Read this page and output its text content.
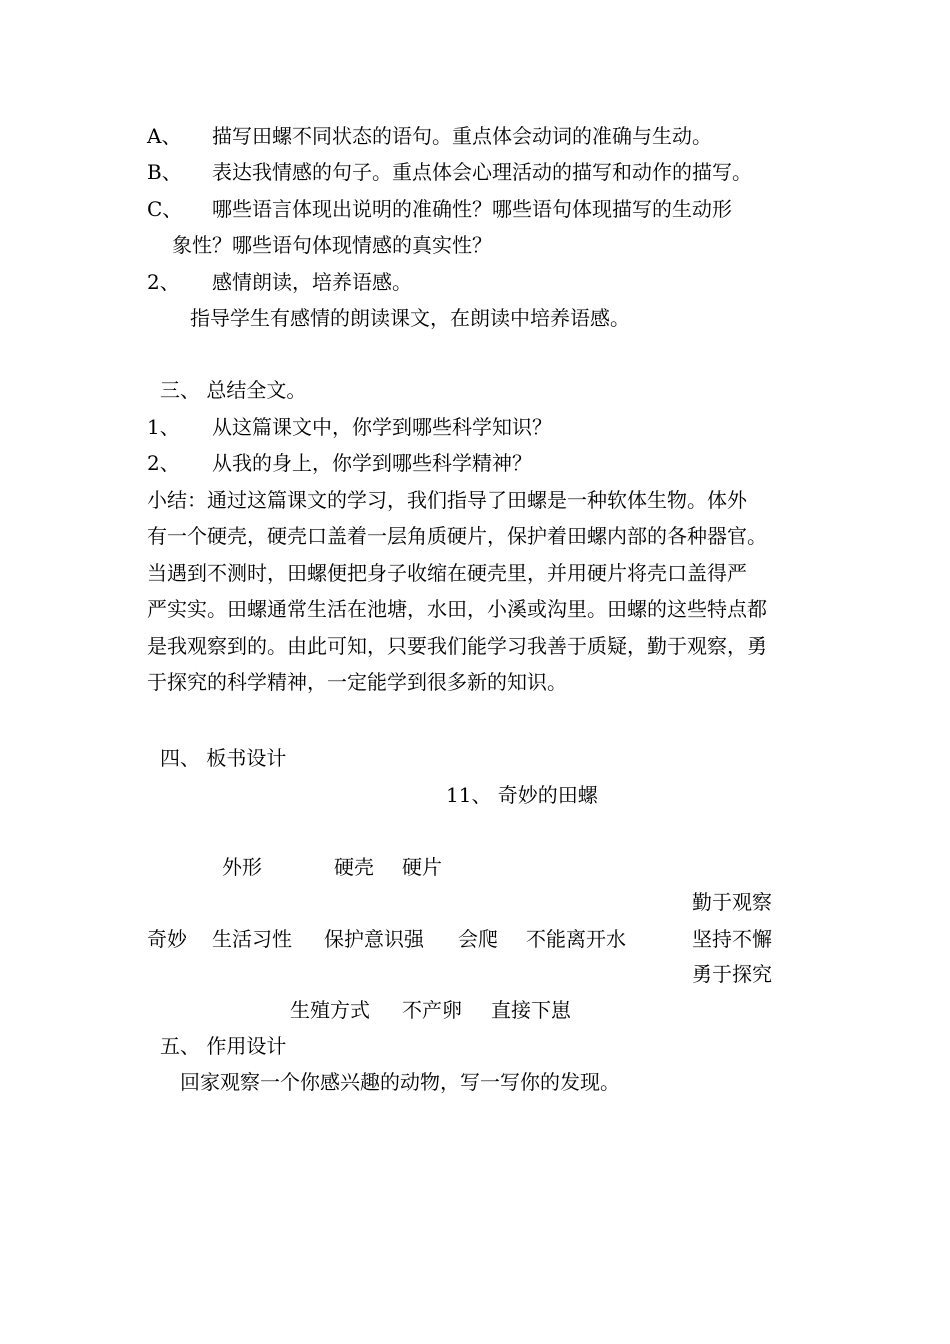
A、 描写田螺不同状态的语句。重点体会动词的准确与生动。
B、 表达我情感的句子。重点体会心理活动的描写和动作的描写。
C、 哪些语言体现出说明的准确性？哪些语句体现描写的生动形
象性？哪些语句体现情感的真实性？
2、 感情朗读，培养语感。
指导学生有感情的朗读课文，在朗读中培养语感。
三、 总结全文。
1、 从这篇课文中，你学到哪些科学知识？
2、 从我的身上，你学到哪些科学精神？
小结：通过这篇课文的学习，我们指导了田螺是一种软体生物。体外
有一个硬壳，硬壳口盖着一层角质硬片，保护着田螺内部的各种器官。
当遇到不测时，田螺便把身子收缩在硬壳里，并用硬片将壳口盖得严
严实实。田螺通常生活在池塘，水田，小溪或沟里。田螺的这些特点都
是我观察到的。由此可知，只要我们能学习我善于质疑，勤于观察，勇
于探究的科学精神，一定能学到很多新的知识。
四、 板书设计
11、 奇妙的田螺
外形	硬壳 硬片
勤于观察
奇妙 生活习性 保护意识强 会爬 不能离开水	坚持不懈
勇于探究
生殖方式 不产卵 直接下崽
五、 作用设计
回家观察一个你感兴趣的动物，写一写你的发现。
